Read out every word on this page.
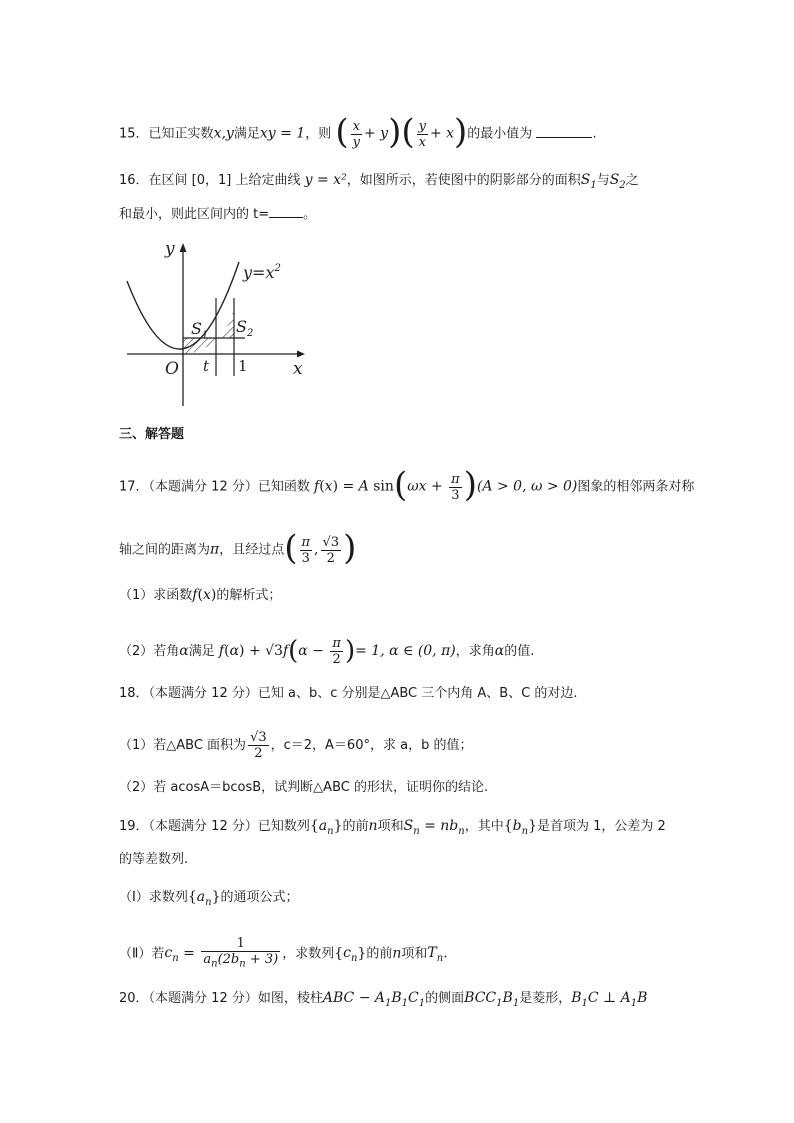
15．已知正实数x,y满足xy = 1，则 ( $\frac{x}{y} + y)( \frac{y}{x} + x)$的最小值为	.
16．在区间 [0，1] 上给定曲线 y = x²，如图所示，若使图中的阴影部分的面积$S_1$与$S_2$之
和最小，则此区间内的 t=	。
y
x
O t 1
$y=x^2$
$S_1$ $S_2$
三、解答题
17．（本题满分 12 分）已知函数 f(x) = A $\sin(\omega x + \frac{\pi}{3} )(A > 0$, ω > 0)图象的相邻两条对称
轴之间的距离为π，且经过点( $\frac{\pi}{3}$ , $\frac{√3}{2}$ )
（1）求函数f(x)的解析式；
（2）若角α满足 $f(\alpha) + √3f(\alpha - \frac{\pi}{2}$ )= 1, α ∈ (0, π)，求角α的值.
18．（本题满分 12 分）已知 a、b、c 分别是△ABC 三个内角 A、B、C 的对边.
（1）若△ABC 面积为 $\frac{√3}{2}$ ，c＝2，A＝60°，求 a，b 的值；
（2）若 acosA＝bcosB，试判断△ABC 的形状，证明你的结论.
19．（本题满分 12 分）已知数列$\{a_n\}$的前n项和$S_n = nb_n$，其中$\{b_n\}$是首项为 1，公差为 2
的等差数列.
（Ⅰ）求数列$\{a_n\}$的通项公式；
（Ⅱ）若$c_n = \frac{1}{a_n(2b_n + 3)}$ ，求数列$\{c_n\}$的前n项和$T_n$.
20．（本题满分 12 分）如图，棱柱ABC − $A_1B_1C_1$的侧面$BCC_1B_1$是菱形，$B_1C$ ⊥ $A_1B$
